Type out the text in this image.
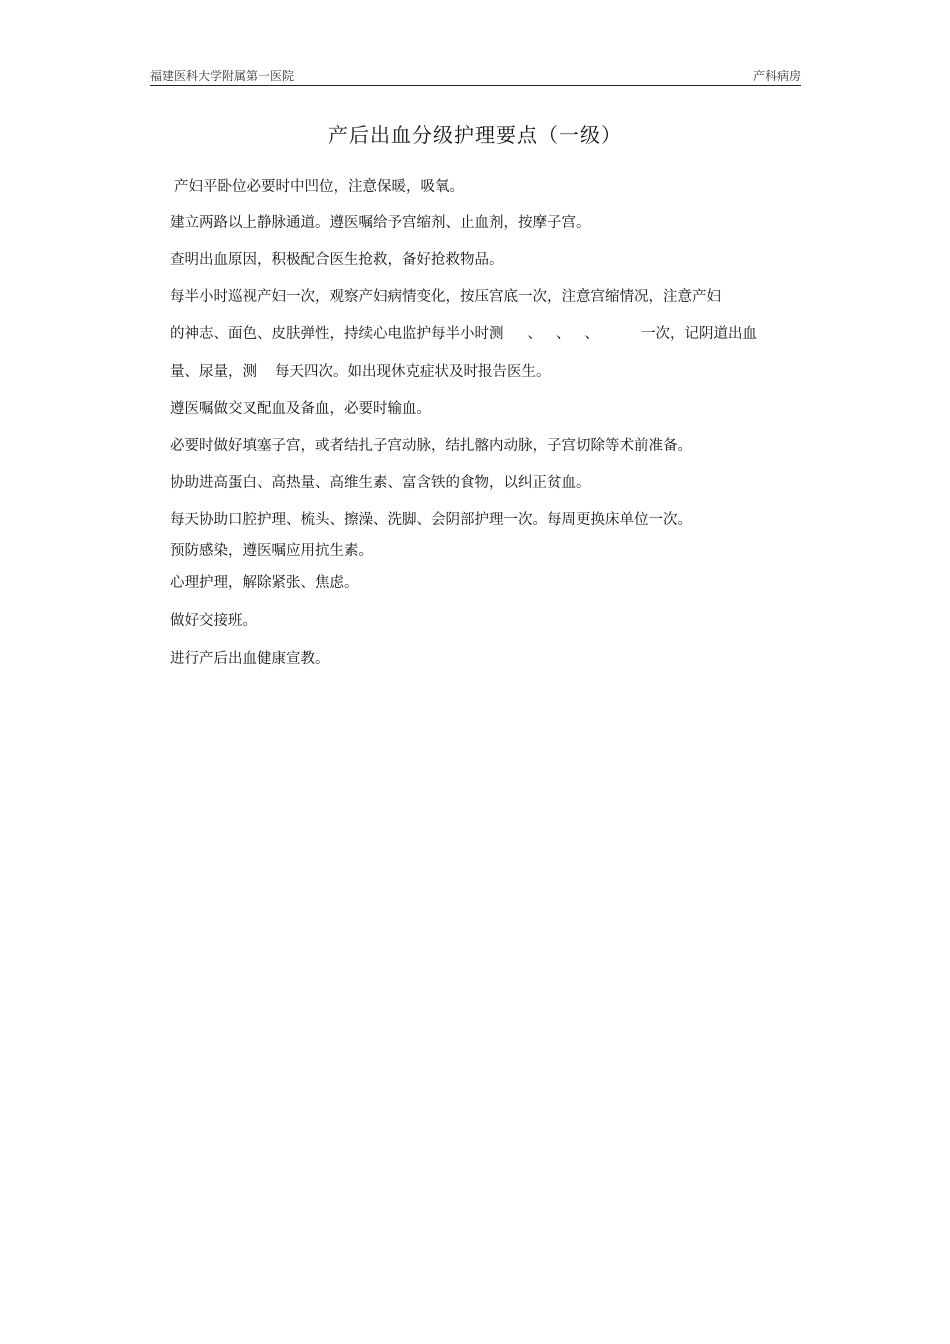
福建医科大学附属第一医院	产科病房
产后出血分级护理要点（一级）
产妇平卧位必要时中凹位，注意保暖，吸氧。
建立两路以上静脉通道。遵医嘱给予宫缩剂、止血剂，按摩子宫。
查明出血原因，积极配合医生抢救，备好抢救物品。
每半小时巡视产妇一次，观察产妇病情变化，按压宫底一次，注意宫缩情况，注意产妇
的神志、面色、皮肤弹性，持续心电监护每半小时测 、 、 、	一次，记阴道出血
量、尿量，测 每天四次。如出现休克症状及时报告医生。
遵医嘱做交叉配血及备血，必要时输血。
必要时做好填塞子宫，或者结扎子宫动脉，结扎髂内动脉，子宫切除等术前准备。
协助进高蛋白、高热量、高维生素、富含铁的食物，以纠正贫血。
每天协助口腔护理、梳头、擦澡、洗脚、会阴部护理一次。每周更换床单位一次。
预防感染，遵医嘱应用抗生素。
心理护理，解除紧张、焦虑。
做好交接班。
进行产后出血健康宣教。
